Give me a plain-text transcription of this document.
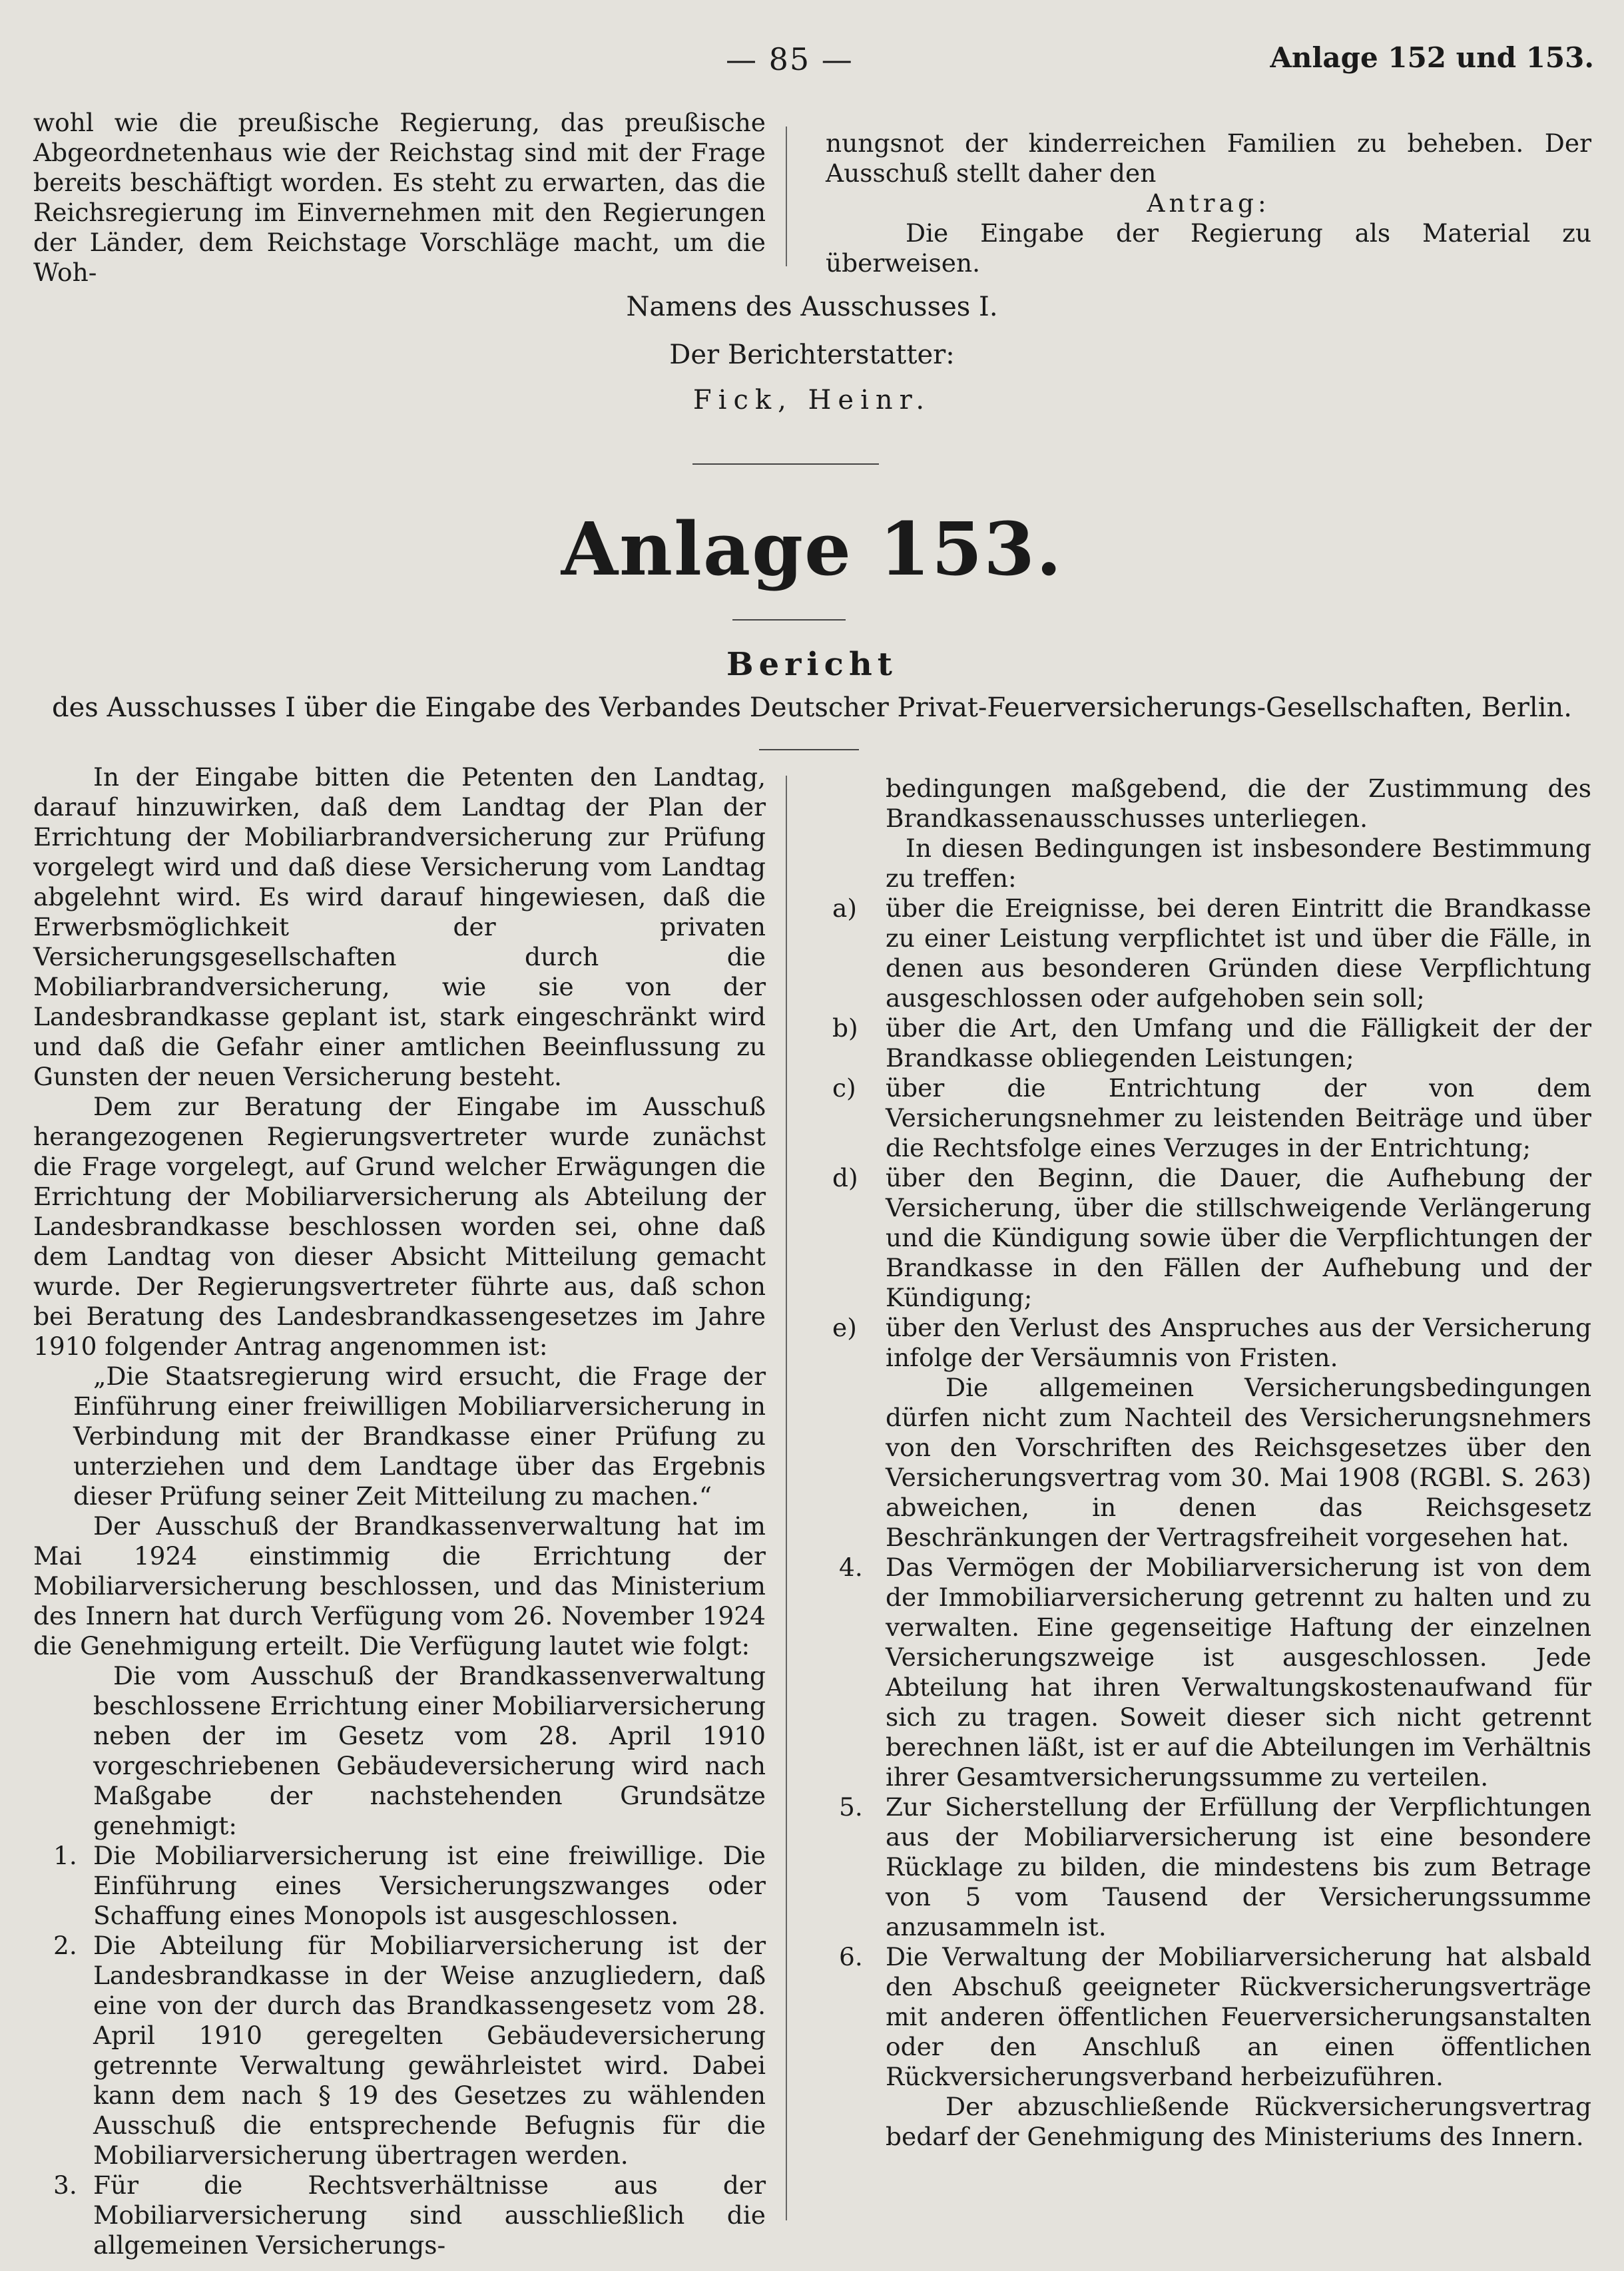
— 85 —	Anlage 152 und 153.

wohl wie die preußische Regierung, das preußische Abgeordnetenhaus wie der Reichstag sind mit der Frage bereits beschäftigt worden. Es steht zu erwarten, das die Reichsregierung im Einvernehmen mit den Regierungen der Länder, dem Reichstage Vorschläge macht, um die Woh-

nungsnot der kinderreichen Familien zu beheben. Der Ausschuß stellt daher den

Antrag:

Die Eingabe der Regierung als Material zu überweisen.

Namens des Ausschusses I.
Der Berichterstatter:
Fick, Heinr.
Anlage 153.
Bericht
des Ausschusses I über die Eingabe des Verbandes Deutscher Privat-Feuerversicherungs-Gesellschaften, Berlin.

In der Eingabe bitten die Petenten den Landtag, darauf hinzuwirken, daß dem Landtag der Plan der Errichtung der Mobiliarbrandversicherung zur Prüfung vorgelegt wird und daß diese Versicherung vom Landtag abgelehnt wird. Es wird darauf hingewiesen, daß die Erwerbsmöglichkeit der privaten Versicherungsgesellschaften durch die Mobiliarbrandversicherung, wie sie von der Landesbrandkasse geplant ist, stark eingeschränkt wird und daß die Gefahr einer amtlichen Beeinflussung zu Gunsten der neuen Versicherung besteht.

Dem zur Beratung der Eingabe im Ausschuß herangezogenen Regierungsvertreter wurde zunächst die Frage vorgelegt, auf Grund welcher Erwägungen die Errichtung der Mobiliarversicherung als Abteilung der Landesbrandkasse beschlossen worden sei, ohne daß dem Landtag von dieser Absicht Mitteilung gemacht wurde. Der Regierungsvertreter führte aus, daß schon bei Beratung des Landesbrandkassengesetzes im Jahre 1910 folgender Antrag angenommen ist:

„Die Staatsregierung wird ersucht, die Frage der Einführung einer freiwilligen Mobiliarversicherung in Verbindung mit der Brandkasse einer Prüfung zu unterziehen und dem Landtage über das Ergebnis dieser Prüfung seiner Zeit Mitteilung zu machen.“

Der Ausschuß der Brandkassenverwaltung hat im Mai 1924 einstimmig die Errichtung der Mobiliarversicherung beschlossen, und das Ministerium des Innern hat durch Verfügung vom 26. November 1924 die Genehmigung erteilt. Die Verfügung lautet wie folgt:

Die vom Ausschuß der Brandkassenverwaltung beschlossene Errichtung einer Mobiliarversicherung neben der im Gesetz vom 28. April 1910 vorgeschriebenen Gebäudeversicherung wird nach Maßgabe der nachstehenden Grundsätze genehmigt:

1. Die Mobiliarversicherung ist eine freiwillige. Die Einführung eines Versicherungszwanges oder Schaffung eines Monopols ist ausgeschlossen.
2. Die Abteilung für Mobiliarversicherung ist der Landesbrandkasse in der Weise anzugliedern, daß eine von der durch das Brandkassengesetz vom 28. April 1910 geregelten Gebäudeversicherung getrennte Verwaltung gewährleistet wird. Dabei kann dem nach § 19 des Gesetzes zu wählenden Ausschuß die entsprechende Befugnis für die Mobiliarversicherung übertragen werden.
3. Für die Rechtsverhältnisse aus der Mobiliarversicherung sind ausschließlich die allgemeinen Versicherungs-

bedingungen maßgebend, die der Zustimmung des Brandkassenausschusses unterliegen.

In diesen Bedingungen ist insbesondere Bestimmung zu treffen:

a) über die Ereignisse, bei deren Eintritt die Brandkasse zu einer Leistung verpflichtet ist und über die Fälle, in denen aus besonderen Gründen diese Verpflichtung ausgeschlossen oder aufgehoben sein soll;
b) über die Art, den Umfang und die Fälligkeit der der Brandkasse obliegenden Leistungen;
c) über die Entrichtung der von dem Versicherungsnehmer zu leistenden Beiträge und über die Rechtsfolge eines Verzuges in der Entrichtung;
d) über den Beginn, die Dauer, die Aufhebung der Versicherung, über die stillschweigende Verlängerung und die Kündigung sowie über die Verpflichtungen der Brandkasse in den Fällen der Aufhebung und der Kündigung;
e) über den Verlust des Anspruches aus der Versicherung infolge der Versäumnis von Fristen.

Die allgemeinen Versicherungsbedingungen dürfen nicht zum Nachteil des Versicherungsnehmers von den Vorschriften des Reichsgesetzes über den Versicherungsvertrag vom 30. Mai 1908 (RGBl. S. 263) abweichen, in denen das Reichsgesetz Beschränkungen der Vertragsfreiheit vorgesehen hat.

4. Das Vermögen der Mobiliarversicherung ist von dem der Immobiliarversicherung getrennt zu halten und zu verwalten. Eine gegenseitige Haftung der einzelnen Versicherungszweige ist ausgeschlossen. Jede Abteilung hat ihren Verwaltungskostenaufwand für sich zu tragen. Soweit dieser sich nicht getrennt berechnen läßt, ist er auf die Abteilungen im Verhältnis ihrer Gesamtversicherungssumme zu verteilen.
5. Zur Sicherstellung der Erfüllung der Verpflichtungen aus der Mobiliarversicherung ist eine besondere Rücklage zu bilden, die mindestens bis zum Betrage von 5 vom Tausend der Versicherungssumme anzusammeln ist.
6. Die Verwaltung der Mobiliarversicherung hat alsbald den Abschuß geeigneter Rückversicherungsverträge mit anderen öffentlichen Feuerversicherungsanstalten oder den Anschluß an einen öffentlichen Rückversicherungsverband herbeizuführen.

Der abzuschließende Rückversicherungsvertrag bedarf der Genehmigung des Ministeriums des Innern.
